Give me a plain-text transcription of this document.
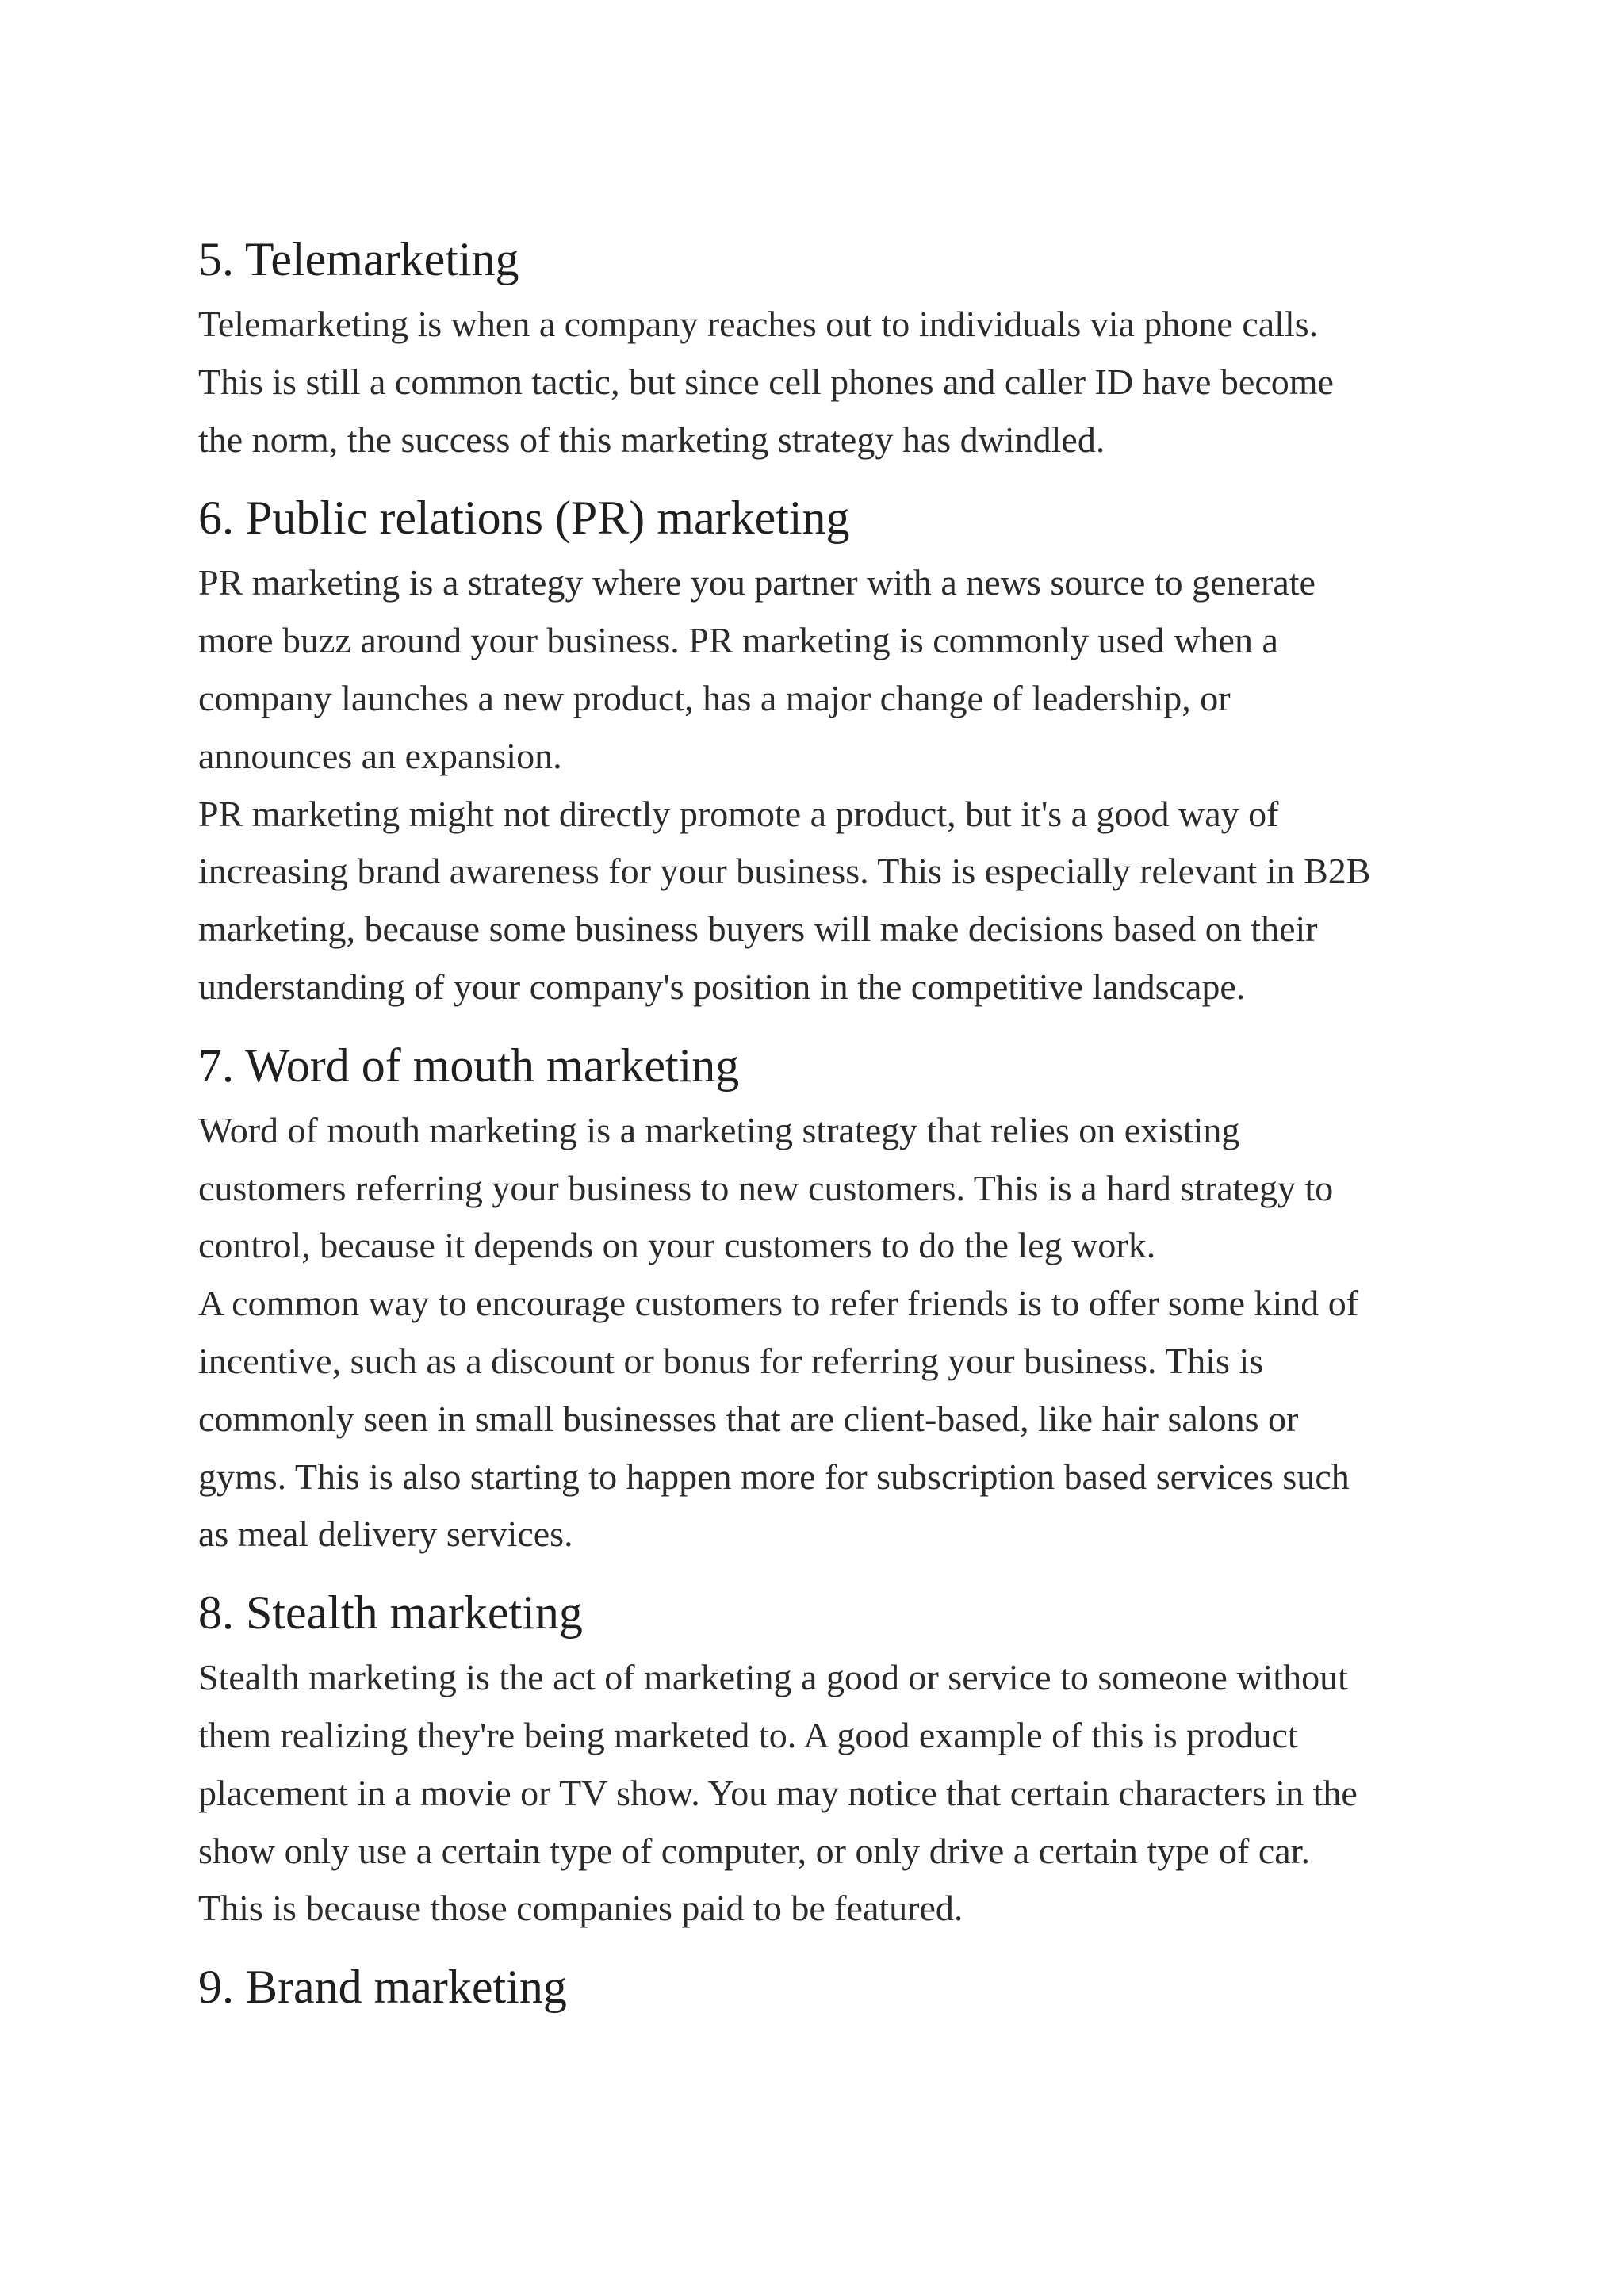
5. Telemarketing

Telemarketing is when a company reaches out to individuals via phone calls.
This is still a common tactic, but since cell phones and caller ID have become
the norm, the success of this marketing strategy has dwindled.

6. Public relations (PR) marketing

PR marketing is a strategy where you partner with a news source to generate
more buzz around your business. PR marketing is commonly used when a
company launches a new product, has a major change of leadership, or
announces an expansion.

PR marketing might not directly promote a product, but it's a good way of
increasing brand awareness for your business. This is especially relevant in B2B
marketing, because some business buyers will make decisions based on their
understanding of your company's position in the competitive landscape.

7. Word of mouth marketing

Word of mouth marketing is a marketing strategy that relies on existing
customers referring your business to new customers. This is a hard strategy to
control, because it depends on your customers to do the leg work.

A common way to encourage customers to refer friends is to offer some kind of
incentive, such as a discount or bonus for referring your business. This is
commonly seen in small businesses that are client-based, like hair salons or
gyms. This is also starting to happen more for subscription based services such
as meal delivery services.

8. Stealth marketing

Stealth marketing is the act of marketing a good or service to someone without
them realizing they're being marketed to. A good example of this is product
placement in a movie or TV show. You may notice that certain characters in the
show only use a certain type of computer, or only drive a certain type of car.
This is because those companies paid to be featured.

9. Brand marketing
